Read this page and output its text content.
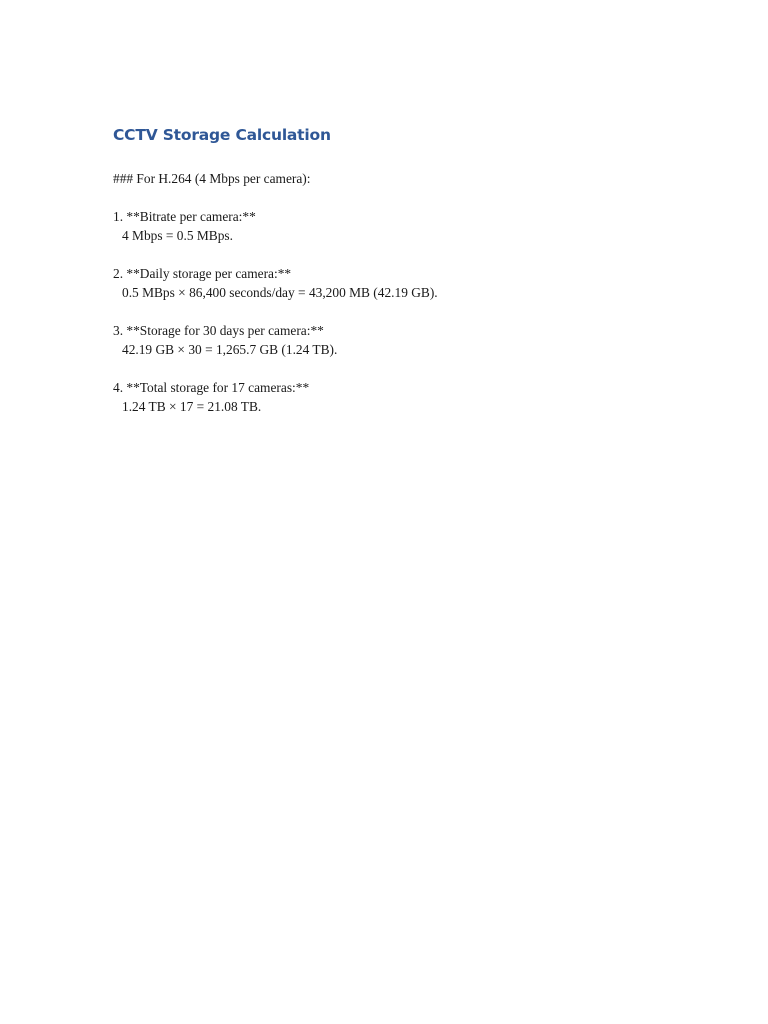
CCTV Storage Calculation

### For H.264 (4 Mbps per camera):

1. **Bitrate per camera:**

4 Mbps = 0.5 MBps.

2. **Daily storage per camera:**

0.5 MBps × 86,400 seconds/day = 43,200 MB (42.19 GB).

3. **Storage for 30 days per camera:**

42.19 GB × 30 = 1,265.7 GB (1.24 TB).

4. **Total storage for 17 cameras:**

1.24 TB × 17 = 21.08 TB.
